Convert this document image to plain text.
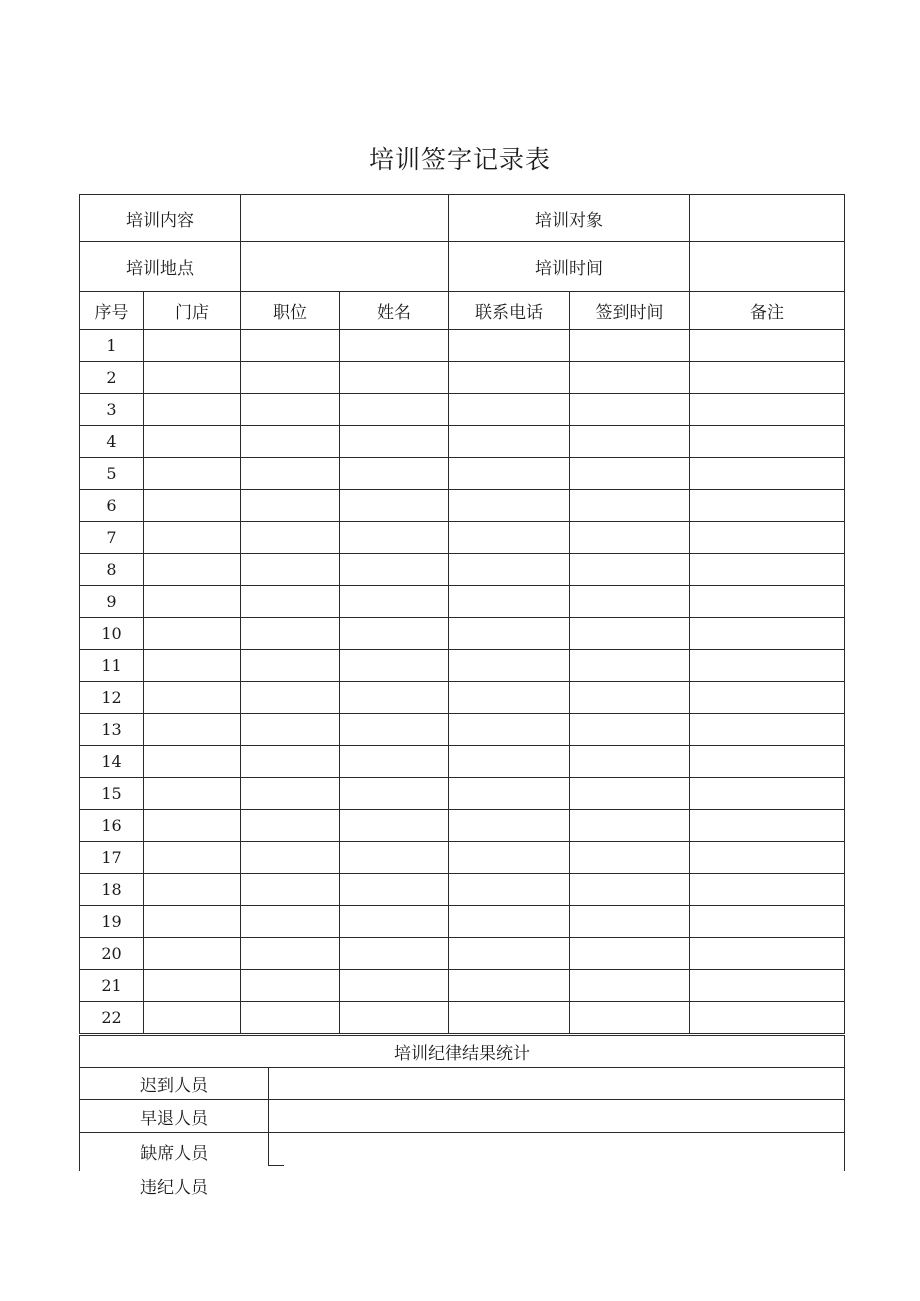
培训签字记录表
培训内容				培训对象		
培训地点				培训时间		
序号	门店	职位	姓名	联系电话	签到时间	备注
1						
2						
3						
4						
5						
6						
7						
8						
9						
10						
11						
12						
13						
14						
15						
16						
17						
18						
19						
20						
21						
22						
培训纪律结果统计	
迟到人员	
早退人员	
缺席人员	
违纪人员	
